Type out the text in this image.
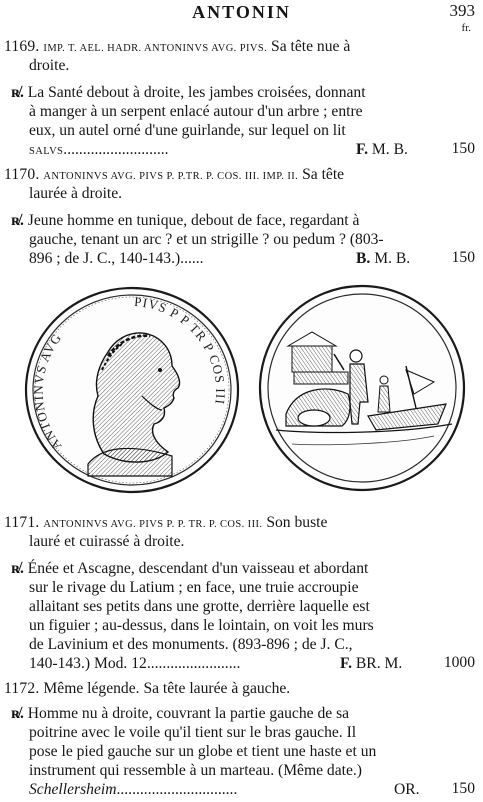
ANTONIN	393
fr.
1169. IMP. T. AEL. HADR. ANTONINVS AVG. PIVS. Sa tête nue à
droite.
ʀ̸. La Santé debout à droite, les jambes croisées, donnant
à manger à un serpent enlacé autour d'un arbre ; entre
eux, un autel orné d'une guirlande, sur lequel on lit
SALVS...........................	F. M. B.	150
1170. ANTONINVS AVG. PIVS P. P.TR. P. COS. III. IMP. II. Sa tête
laurée à droite.
ʀ̸. Jeune homme en tunique, debout de face, regardant à
gauche, tenant un arc ? et un strigille ? ou pedum ? (803-
896 ; de J. C., 140-143.)......	B. M. B.	150
ANTONINVS AVG
PIVS P P TR P COS III
1171. ANTONINVS AVG. PIVS P. P. TR. P. COS. III. Son buste
lauré et cuirassé à droite.
ʀ̸. Énée et Ascagne, descendant d'un vaisseau et abordant
sur le rivage du Latium ; en face, une truie accroupie
allaitant ses petits dans une grotte, derrière laquelle est
un figuier ; au-dessus, dans le lointain, on voit les murs
de Lavinium et des monuments. (893-896 ; de J. C.,
140-143.) Mod. 12........................	F. BR. M.	1000
1172. Même légende. Sa tête laurée à gauche.
ʀ̸. Homme nu à droite, couvrant la partie gauche de sa
poitrine avec le voile qu'il tient sur le bras gauche. Il
pose le pied gauche sur un globe et tient une haste et un
instrument qui ressemble à un marteau. (Même date.)
Schellersheim...............................	OR. 150
